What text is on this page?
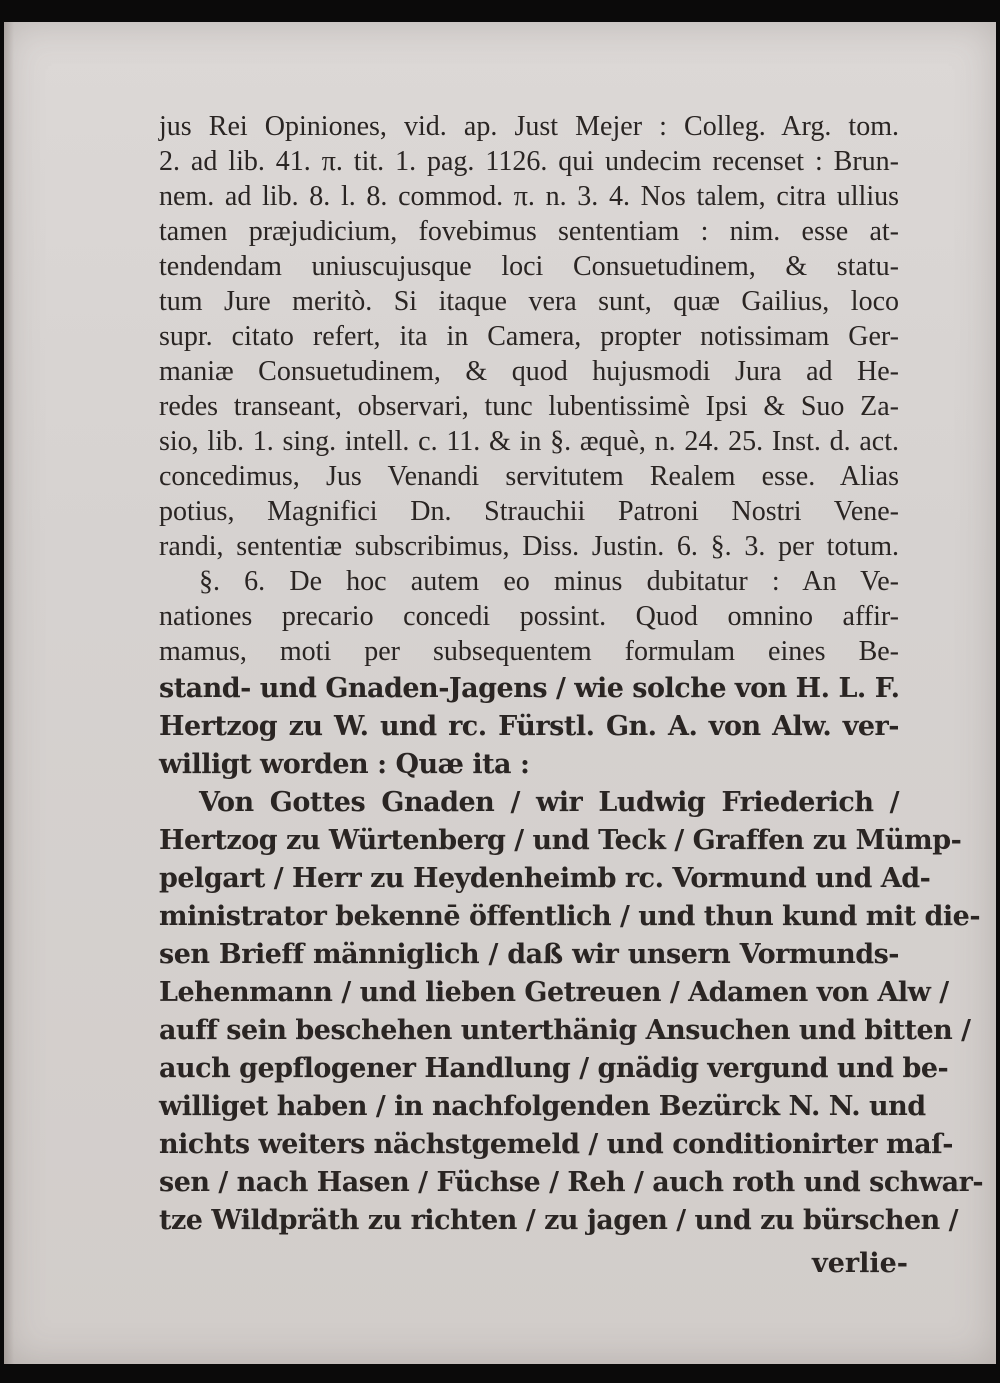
jus Rei Opiniones, vid. ap. Just Mejer : Colleg. Arg. tom.
2. ad lib. 41. π. tit. 1. pag. 1126. qui undecim recenset : Brun-
nem. ad lib. 8. l. 8. commod. π. n. 3. 4. Nos talem, citra ullius
tamen præjudicium, fovebimus sententiam : nim. esse at-
tendendam uniuscujusque loci Consuetudinem, & statu-
tum Jure meritò. Si itaque vera sunt, quæ Gailius, loco
supr. citato refert, ita in Camera, propter notissimam Ger-
maniæ Consuetudinem, & quod hujusmodi Jura ad He-
redes transeant, observari, tunc lubentissimè Ipsi & Suo Za-
sio, lib. 1. sing. intell. c. 11. & in §. æquè, n. 24. 25. Inst. d. act.
concedimus, Jus Venandi servitutem Realem esse. Alias
potius, Magnifici Dn. Strauchii Patroni Nostri Vene-
randi, sententiæ subscribimus, Diss. Justin. 6. §. 3. per totum.
§. 6. De hoc autem eo minus dubitatur : An Ve-
nationes precario concedi possint. Quod omnino affir-
mamus, moti per subsequentem formulam eines Be-
stand- und Gnaden-Jagens / wie solche von H. L. F.
Hertzog zu W. und rc. Fürstl. Gn. A. von Alw. ver-
willigt worden : Quæ ita :
Von Gottes Gnaden / wir Ludwig Friederich /
Hertzog zu Würtenberg / und Teck / Graffen zu Mümp-
pelgart / Herr zu Heydenheimb rc. Vormund und Ad-
ministrator bekennē öffentlich / und thun kund mit die-
sen Brieff männiglich / daß wir unsern Vormunds-
Lehenmann / und lieben Getreuen / Adamen von Alw /
auff sein beschehen unterthänig Ansuchen und bitten /
auch gepflogener Handlung / gnädig vergund und be-
williget haben / in nachfolgenden Bezürck N. N. und
nichts weiters nächstgemeld / und conditionirter maſ-
sen / nach Hasen / Füchse / Reh / auch roth und schwar-
tze Wildpräth zu richten / zu jagen / und zu bürschen /
verlie-
